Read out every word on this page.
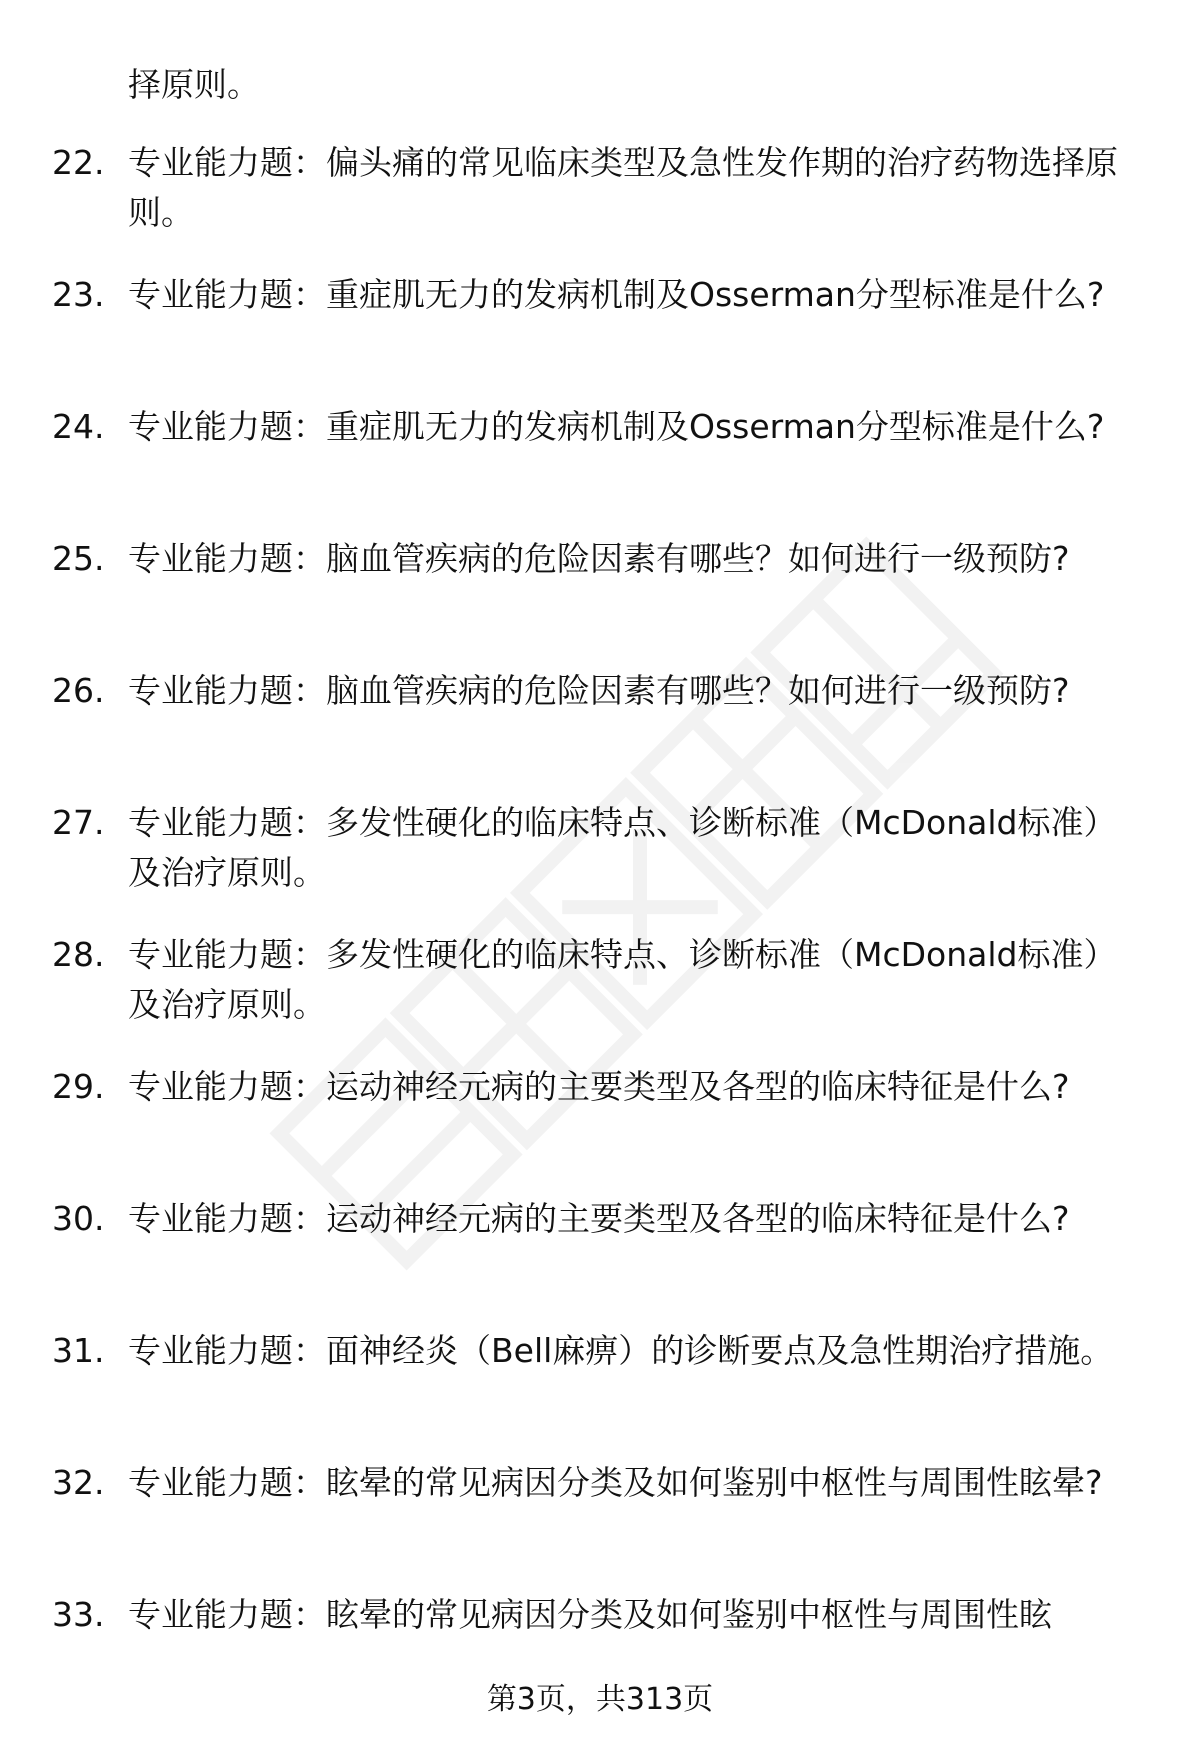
择原则。
22. 专业能力题：偏头痛的常见临床类型及急性发作期的治疗药物选择原则。
23. 专业能力题：重症肌无力的发病机制及Osserman分型标准是什么?
24. 专业能力题：重症肌无力的发病机制及Osserman分型标准是什么?
25. 专业能力题：脑血管疾病的危险因素有哪些？如何进行一级预防?
26. 专业能力题：脑血管疾病的危险因素有哪些？如何进行一级预防?
27. 专业能力题：多发性硬化的临床特点、诊断标准（McDonald标准）及治疗原则。
28. 专业能力题：多发性硬化的临床特点、诊断标准（McDonald标准）及治疗原则。
29. 专业能力题：运动神经元病的主要类型及各型的临床特征是什么?
30. 专业能力题：运动神经元病的主要类型及各型的临床特征是什么?
31. 专业能力题：面神经炎（Bell麻痹）的诊断要点及急性期治疗措施。
32. 专业能力题：眩晕的常见病因分类及如何鉴别中枢性与周围性眩晕?
33. 专业能力题：眩晕的常见病因分类及如何鉴别中枢性与周围性眩
第3页，共313页
